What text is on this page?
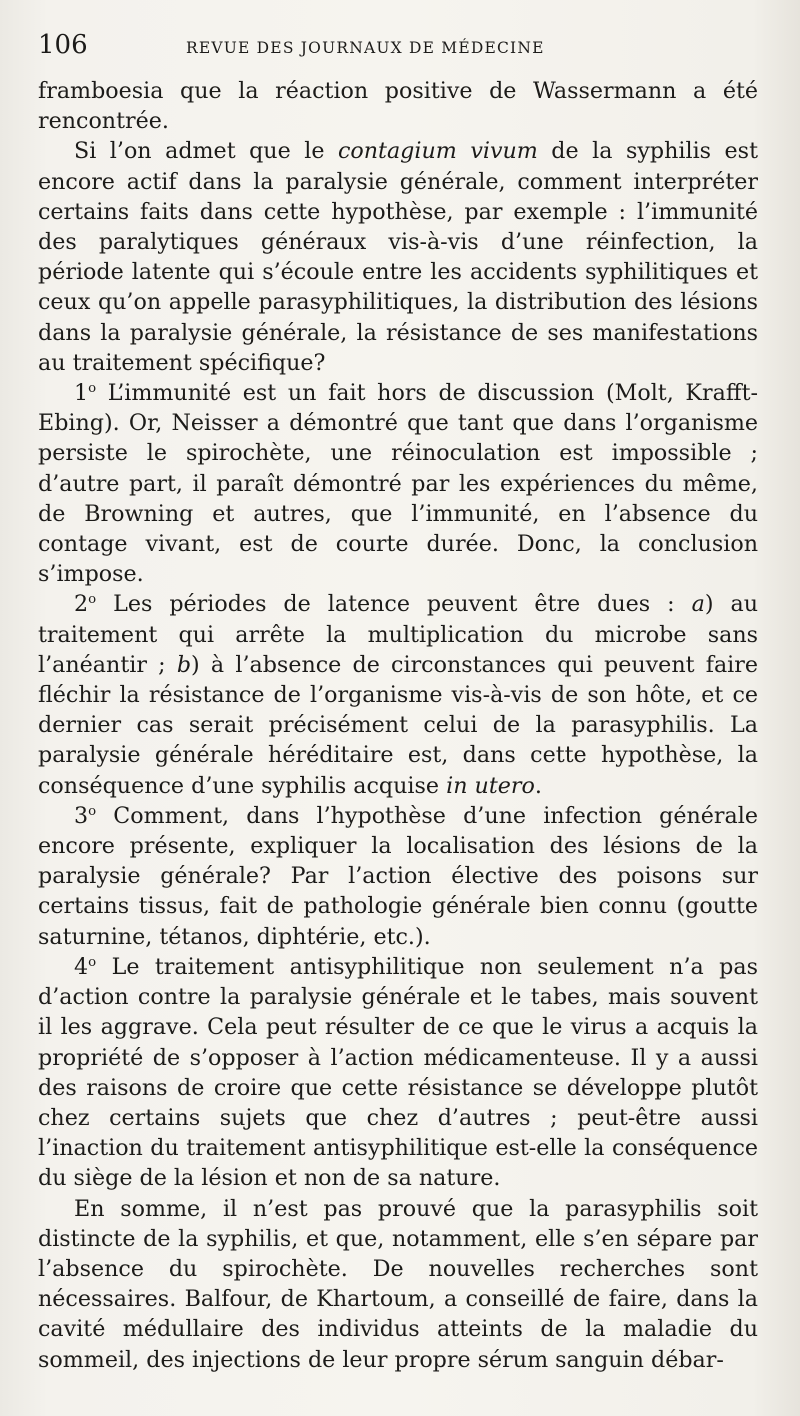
106	REVUE DES JOURNAUX DE MÉDECINE

framboesia que la réaction positive de Wassermann a été rencontrée.

Si l’on admet que le contagium vivum de la syphilis est encore actif dans la paralysie générale, comment interpréter certains faits dans cette hypothèse, par exemple : l’immunité des paralytiques généraux vis-à-vis d’une réinfection, la période latente qui s’écoule entre les accidents syphilitiques et ceux qu’on appelle parasyphilitiques, la distribution des lésions dans la paralysie générale, la résistance de ses manifestations au traitement spécifique?

1$^o$ L’immunité est un fait hors de discussion (Molt, Krafft-Ebing). Or, Neisser a démontré que tant que dans l’organisme persiste le spirochète, une réinoculation est impossible ; d’autre part, il paraît démontré par les expériences du même, de Browning et autres, que l’immunité, en l’absence du contage vivant, est de courte durée. Donc, la conclusion s’impose.

2$^o$ Les périodes de latence peuvent être dues : a) au traitement qui arrête la multiplication du microbe sans l’anéantir ; b) à l’absence de circonstances qui peuvent faire fléchir la résistance de l’organisme vis-à-vis de son hôte, et ce dernier cas serait précisément celui de la parasyphilis. La paralysie générale héréditaire est, dans cette hypothèse, la conséquence d’une syphilis acquise in utero.

3$^o$ Comment, dans l’hypothèse d’une infection générale encore présente, expliquer la localisation des lésions de la paralysie générale? Par l’action élective des poisons sur certains tissus, fait de pathologie générale bien connu (goutte saturnine, tétanos, diphtérie, etc.).

4$^o$ Le traitement antisyphilitique non seulement n’a pas d’action contre la paralysie générale et le tabes, mais souvent il les aggrave. Cela peut résulter de ce que le virus a acquis la propriété de s’opposer à l’action médicamenteuse. Il y a aussi des raisons de croire que cette résistance se développe plutôt chez certains sujets que chez d’autres ; peut-être aussi l’inaction du traitement antisyphilitique est-elle la conséquence du siège de la lésion et non de sa nature.

En somme, il n’est pas prouvé que la parasyphilis soit distincte de la syphilis, et que, notamment, elle s’en sépare par l’absence du spirochète. De nouvelles recherches sont nécessaires. Balfour, de Khartoum, a conseillé de faire, dans la cavité médullaire des individus atteints de la maladie du sommeil, des injections de leur propre sérum sanguin débar-
